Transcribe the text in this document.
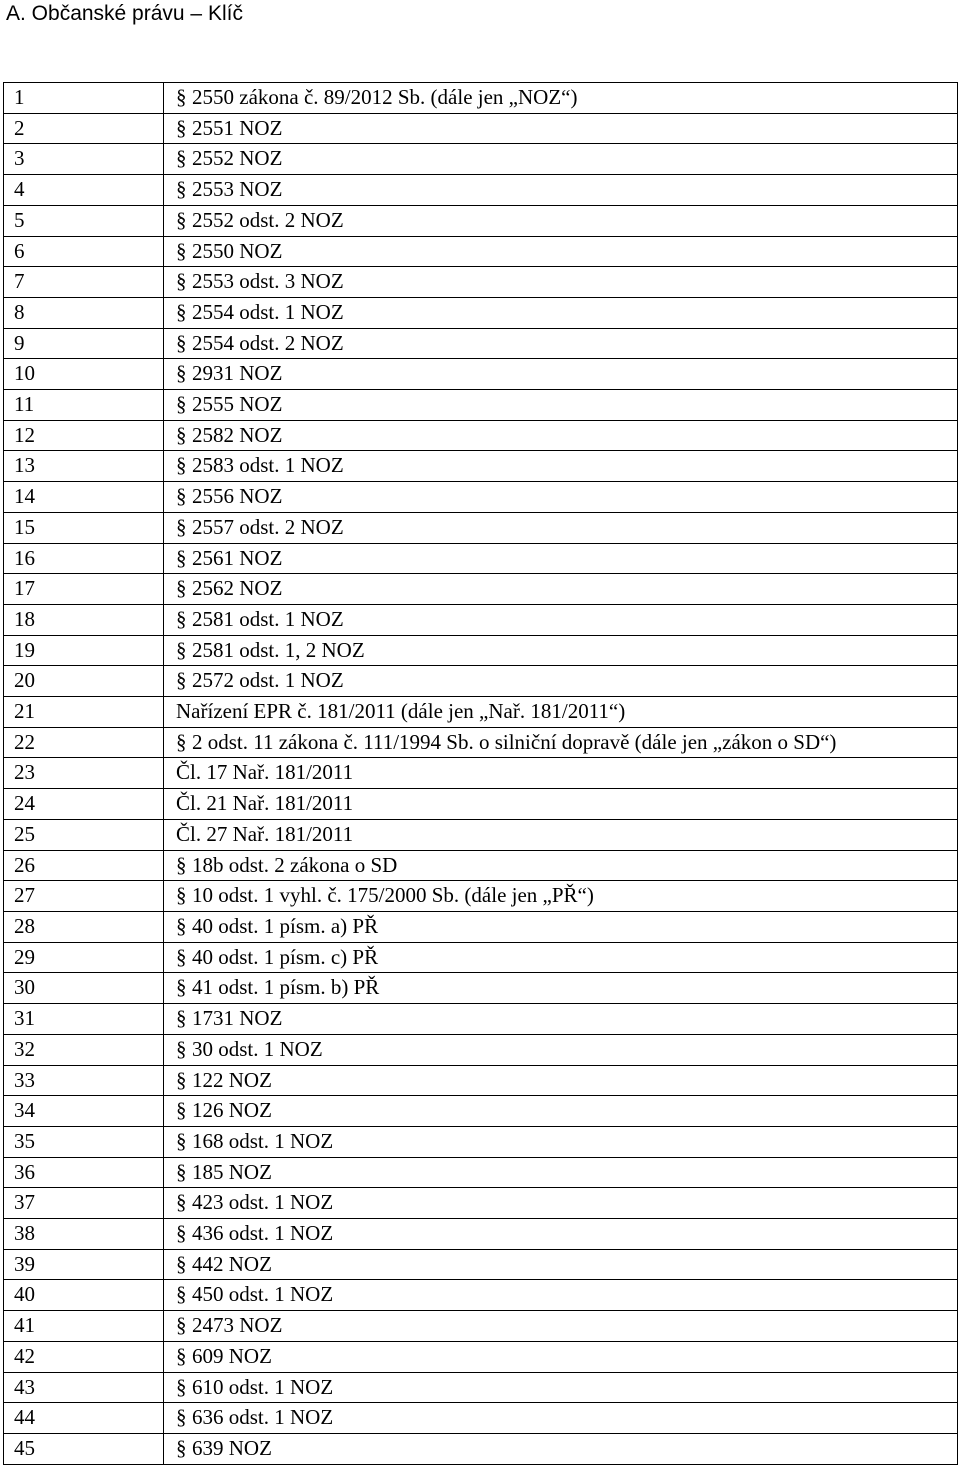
A. Občanské právu – Klíč
1	§ 2550 zákona č. 89/2012 Sb. (dále jen „NOZ“)
2	§ 2551 NOZ
3	§ 2552 NOZ
4	§ 2553 NOZ
5	§ 2552 odst. 2 NOZ
6	§ 2550 NOZ
7	§ 2553 odst. 3 NOZ
8	§ 2554 odst. 1 NOZ
9	§ 2554 odst. 2 NOZ
10	§ 2931 NOZ
11	§ 2555 NOZ
12	§ 2582 NOZ
13	§ 2583 odst. 1 NOZ
14	§ 2556 NOZ
15	§ 2557 odst. 2 NOZ
16	§ 2561 NOZ
17	§ 2562 NOZ
18	§ 2581 odst. 1 NOZ
19	§ 2581 odst. 1, 2 NOZ
20	§ 2572 odst. 1 NOZ
21	Nařízení EPR č. 181/2011 (dále jen „Nař. 181/2011“)
22	§ 2 odst. 11 zákona č. 111/1994 Sb. o silniční dopravě (dále jen „zákon o SD“)
23	Čl. 17 Nař. 181/2011
24	Čl. 21 Nař. 181/2011
25	Čl. 27 Nař. 181/2011
26	§ 18b odst. 2 zákona o SD
27	§ 10 odst. 1 vyhl. č. 175/2000 Sb. (dále jen „PŘ“)
28	§ 40 odst. 1 písm. a) PŘ
29	§ 40 odst. 1 písm. c) PŘ
30	§ 41 odst. 1 písm. b) PŘ
31	§ 1731 NOZ
32	§ 30 odst. 1 NOZ
33	§ 122 NOZ
34	§ 126 NOZ
35	§ 168 odst. 1 NOZ
36	§ 185 NOZ
37	§ 423 odst. 1 NOZ
38	§ 436 odst. 1 NOZ
39	§ 442 NOZ
40	§ 450 odst. 1 NOZ
41	§ 2473 NOZ
42	§ 609 NOZ
43	§ 610 odst. 1 NOZ
44	§ 636 odst. 1 NOZ
45	§ 639 NOZ
